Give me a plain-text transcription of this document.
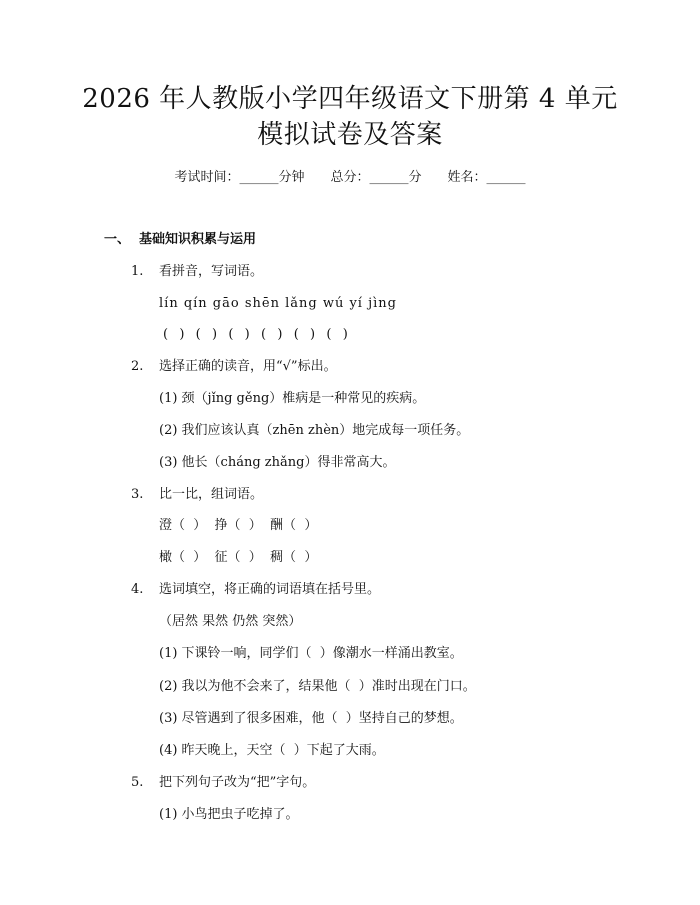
2026 年人教版小学四年级语文下册第 4 单元
模拟试卷及答案
考试时间：______分钟 总分：______分 姓名：______
一、  基础知识积累与运用
1. 看拼音，写词语。
lín qín gāo shēn lǎng wú yí jìng
(  )  (  )  (  )  (  )  (  )  (  )
2. 选择正确的读音，用“√”标出。
(1) 颈（jǐng gěng）椎病是一种常见的疾病。
(2) 我们应该认真（zhēn zhèn）地完成每一项任务。
(3) 他长（cháng zhǎng）得非常高大。
3. 比一比，组词语。
澄（  ）  挣（  ）  酬（  ）
橄（  ）  征（  ）  稠（  ）
4. 选词填空，将正确的词语填在括号里。
（居然 果然 仍然 突然）
(1) 下课铃一响，同学们（  ）像潮水一样涌出教室。
(2) 我以为他不会来了，结果他（  ）准时出现在门口。
(3) 尽管遇到了很多困难，他（  ）坚持自己的梦想。
(4) 昨天晚上，天空（  ）下起了大雨。
5. 把下列句子改为“把”字句。
(1) 小鸟把虫子吃掉了。
